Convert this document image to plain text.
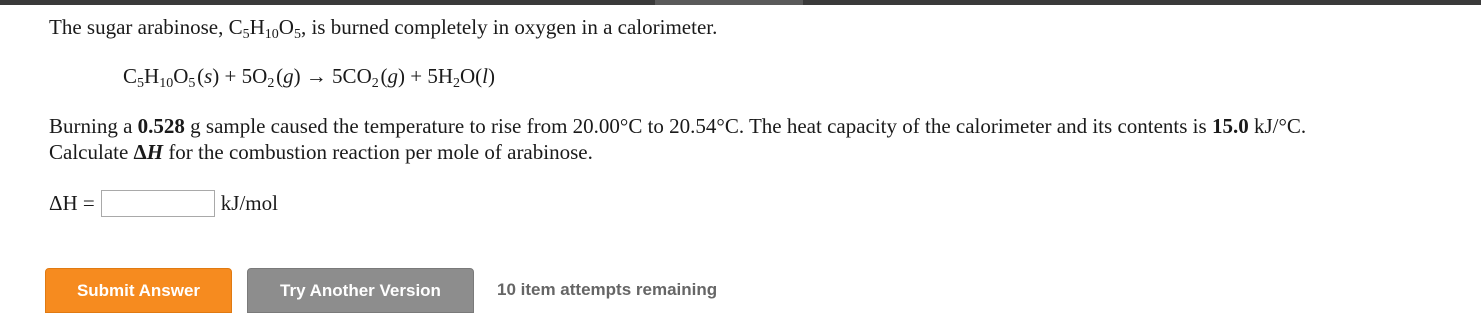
The sugar arabinose, $C_5H_{10}O_5$, is burned completely in oxygen in a calorimeter.
$C_5H_{10}O_5$ $(s) + 5O_2$ $(g) \to 5CO_2$ $(g) + 5H_2O(l)$
Burning a 0.528 g sample caused the temperature to rise from 20.00°C to 20.54°C. The heat capacity of the calorimeter and its contents is 15.0 kJ/°C.
Calculate ΔH for the combustion reaction per mole of arabinose.
ΔH =	kJ/mol
Submit Answer	Try Another Version	10 item attempts remaining
